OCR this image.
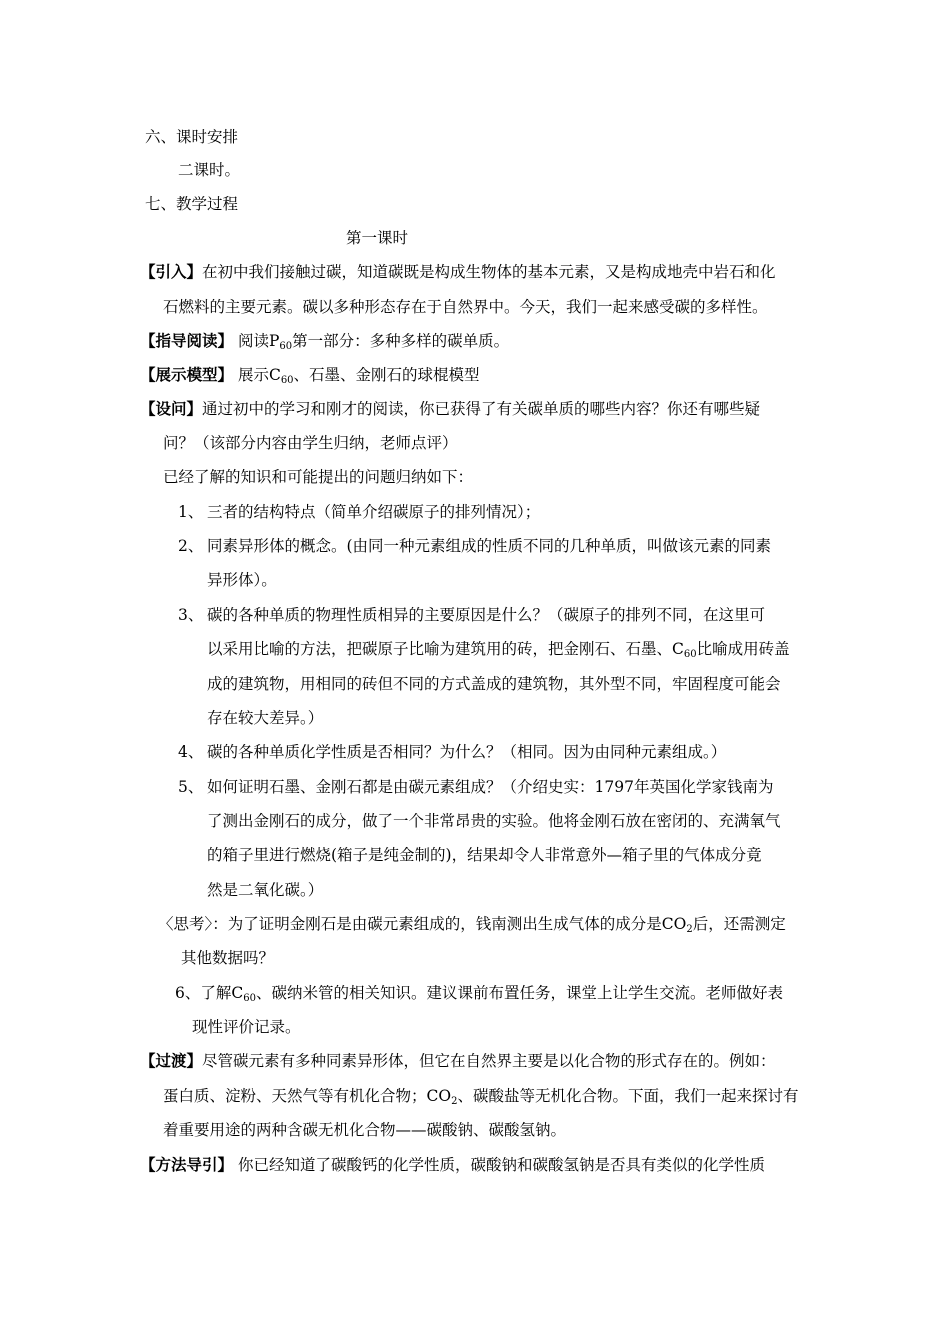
六、课时安排
二课时。
七、教学过程
第一课时
【引入】在初中我们接触过碳，知道碳既是构成生物体的基本元素，又是构成地壳中岩石和化
石燃料的主要元素。碳以多种形态存在于自然界中。今天，我们一起来感受碳的多样性。
【指导阅读】 阅读$P_{60}$第一部分：多种多样的碳单质。
【展示模型】 展示$C_{60}$、石墨、金刚石的球棍模型
【设问】通过初中的学习和刚才的阅读，你已获得了有关碳单质的哪些内容？你还有哪些疑
问？（该部分内容由学生归纳，老师点评）
已经了解的知识和可能提出的问题归纳如下：
1、 三者的结构特点（简单介绍碳原子的排列情况）；
2、 同素异形体的概念。(由同一种元素组成的性质不同的几种单质，叫做该元素的同素
异形体）。
3、 碳的各种单质的物理性质相异的主要原因是什么？（碳原子的排列不同，在这里可
以采用比喻的方法，把碳原子比喻为建筑用的砖，把金刚石、石墨、$C_{60}$比喻成用砖盖
成的建筑物，用相同的砖但不同的方式盖成的建筑物，其外型不同，牢固程度可能会
存在较大差异。）
4、 碳的各种单质化学性质是否相同？为什么？（相同。因为由同种元素组成。）
5、 如何证明石墨、金刚石都是由碳元素组成？（介绍史实：1797年英国化学家钱南为
了测出金刚石的成分，做了一个非常昂贵的实验。他将金刚石放在密闭的、充满氧气
的箱子里进行燃烧(箱子是纯金制的)，结果却令人非常意外—箱子里的气体成分竟
然是二氧化碳。）
〈思考〉：为了证明金刚石是由碳元素组成的，钱南测出生成气体的成分是$CO_2$后，还需测定
其他数据吗？
6、了解$C_{60}$、碳纳米管的相关知识。建议课前布置任务，课堂上让学生交流。老师做好表
现性评价记录。
【过渡】尽管碳元素有多种同素异形体，但它在自然界主要是以化合物的形式存在的。例如：
蛋白质、淀粉、天然气等有机化合物；$CO_2$、碳酸盐等无机化合物。下面，我们一起来探讨有
着重要用途的两种含碳无机化合物——碳酸钠、碳酸氢钠。
【方法导引】 你已经知道了碳酸钙的化学性质，碳酸钠和碳酸氢钠是否具有类似的化学性质
